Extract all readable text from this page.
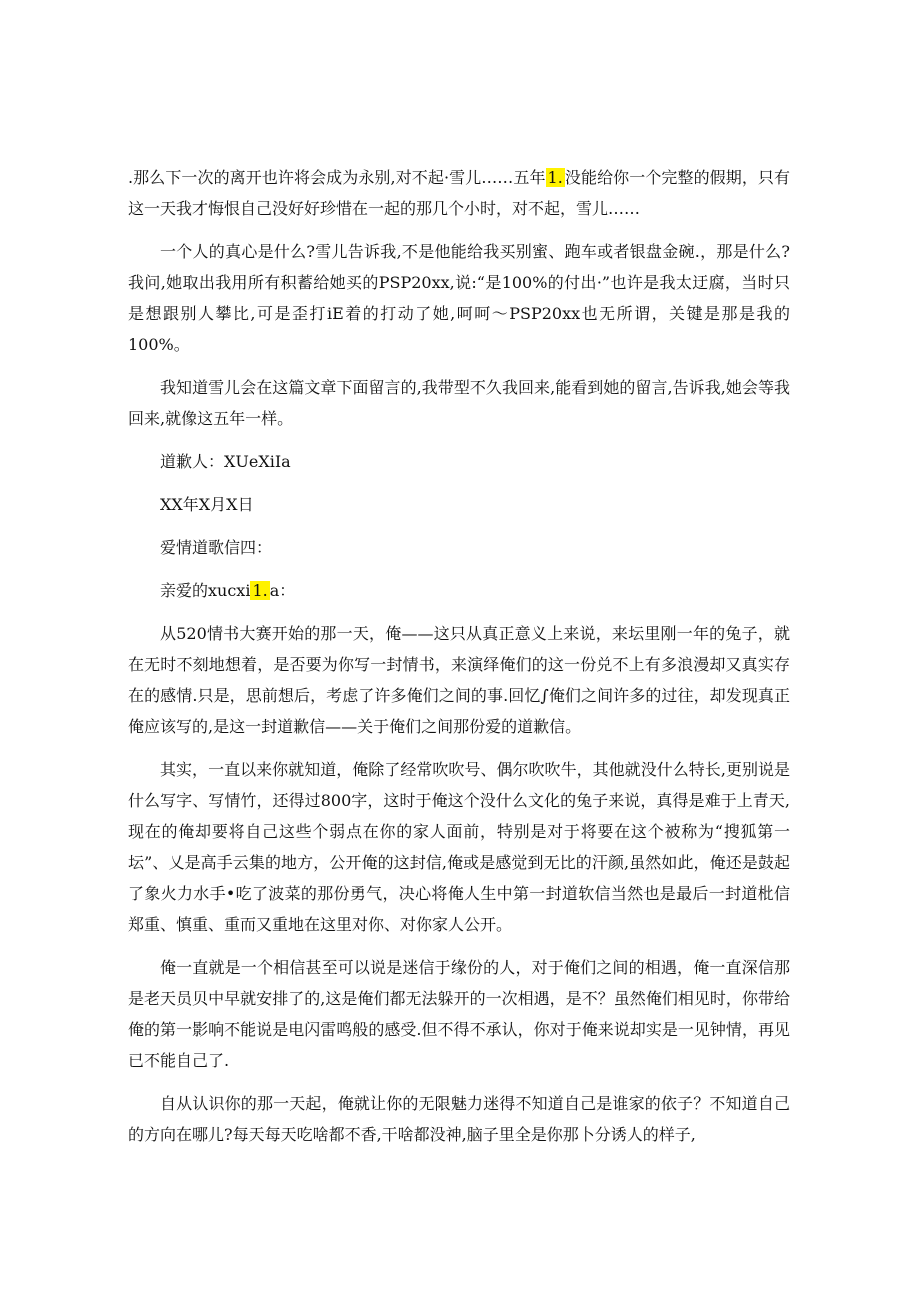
.那么下一次的离开也许将会成为永别,对不起·雪儿……五年 1. 没能给你一个完整的假期，只有这一天我才悔恨自己没好好珍惜在一起的那几个小时，对不起，雪儿……

一个人的真心是什么?雪儿告诉我,不是他能给我买别蜜、跑车或者银盘金碗.，那是什么?我问,她取出我用所有积蓄给她买的PSP20xx,说:“是100%的付出·”也许是我太迂腐，当时只是想跟别人攀比,可是歪打iE着的打动了她,呵呵～PSP20xx也无所谓，关键是那是我的100%。

我知道雪儿会在这篇文章下面留言的,我带型不久我回来,能看到她的留言,告诉我,她会等我回来,就像这五年一样。

道歉人：XUeXiIa

XX年X月X日

爱情道歌信四：

亲爱的xucxi 1. a：

从520情书大赛开始的那一天，俺——这只从真正意义上来说，来坛里刚一年的兔子，就在无时不刻地想着，是否要为你写一封情书，来演绎俺们的这一份兑不上有多浪漫却又真实存在的感情.只是，思前想后，考虑了许多俺们之间的事.回忆∫俺们之间许多的过往，却发现真正俺应该写的,是这一封道歉信——关于俺们之间那份爱的道歉信。

其实，一直以来你就知道，俺除了经常吹吹号、偶尔吹吹牛，其他就没什么特长,更别说是什么写字、写情竹，还得过800字，这时于俺这个没什么文化的兔子来说，真得是难于上青天,现在的俺却要将自己这些个弱点在你的家人面前，特别是对于将要在这个被称为“搜狐第一坛”、乂是高手云集的地方，公开俺的这封信,俺或是感觉到无比的汗颜,虽然如此，俺还是鼓起了象火力水手•吃了波菜的那份勇气，决心将俺人生中第一封道软信当然也是最后一封道枇信郑重、慎重、重而又重地在这里对你、对你家人公开。

俺一直就是一个相信甚至可以说是迷信于缘份的人，对于俺们之间的相遇，俺一直深信那是老天员贝中早就安排了的,这是俺们都无法躲开的一次相遇，是不？虽然俺们相见时，你带给俺的第一影响不能说是电闪雷鸣般的感受.但不得不承认，你对于俺来说却实是一见钟情，再见已不能自己了.

自从认识你的那一天起，俺就让你的无限魅力迷得不知道自己是谁家的依子？不知道自己的方向在哪儿?每天每天吃啥都不香,干啥都没神,脑子里全是你那卜分诱人的样子,
